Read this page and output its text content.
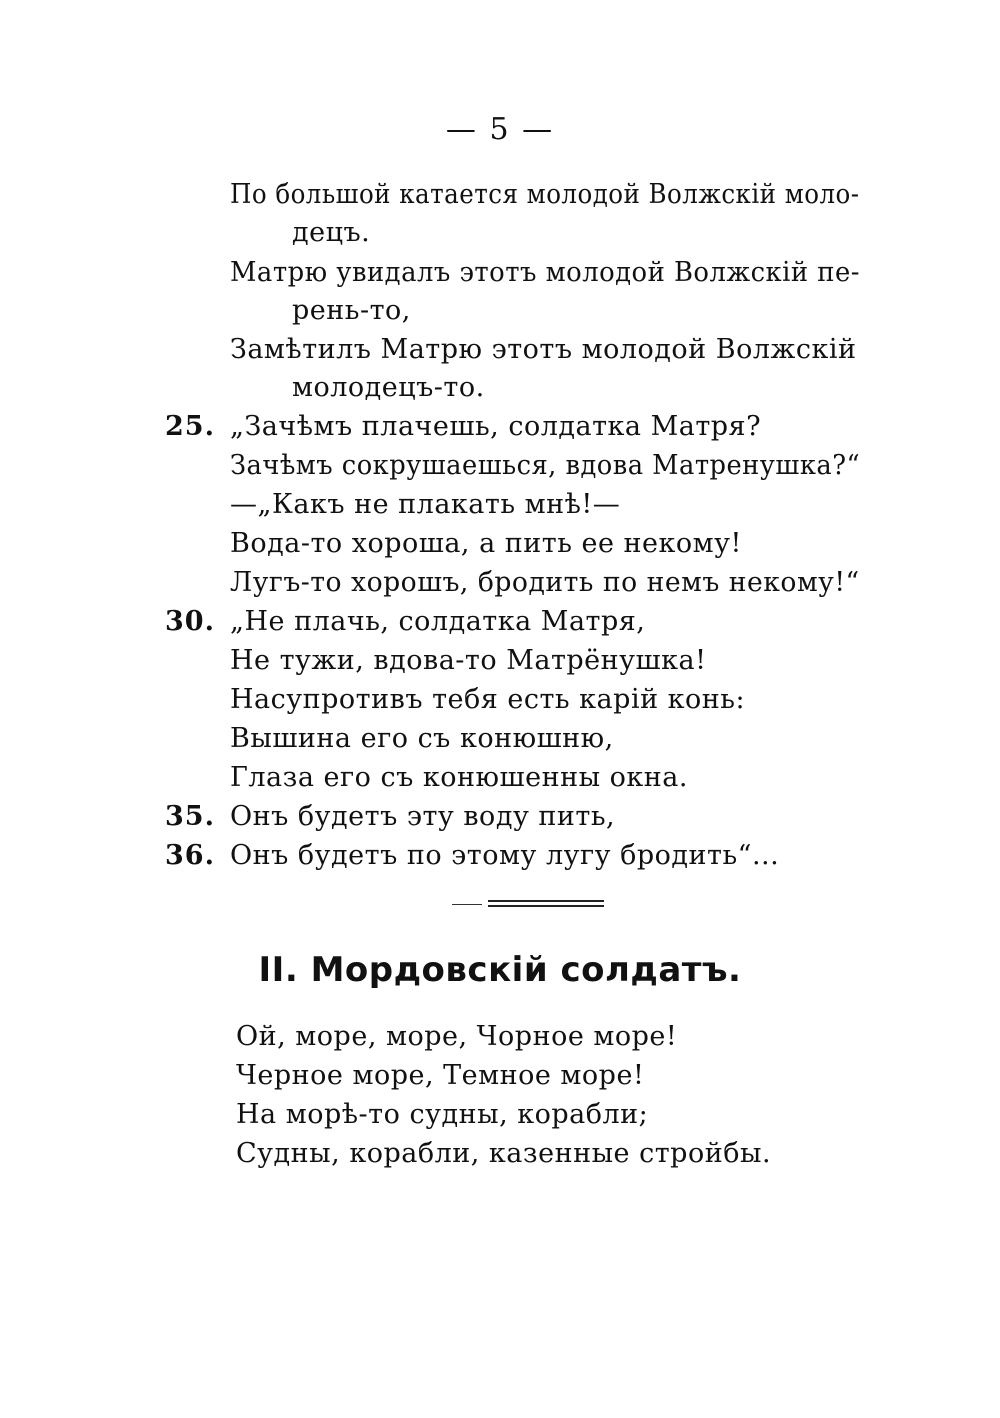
— 5 —
По большой катается молодой Волжскій моло-
децъ.
Матрю увидалъ этотъ молодой Волжскій пе-
рень-то,
Замѣтилъ Матрю этотъ молодой Волжскій
молодецъ-то.
25. „Зачѣмъ плачешь, солдатка Матря?
Зачѣмъ сокрушаешься, вдова Матренушка?“
—„Какъ не плакать мнѣ!—
Вода-то хороша, а пить ее некому!
Лугъ-то хорошъ, бродить по немъ некому!“
30. „Не плачь, солдатка Матря,
Не тужи, вдова-то Матрёнушка!
Насупротивъ тебя есть карій конь:
Вышина его съ конюшню,
Глаза его съ конюшенны окна.
35. Онъ будетъ эту воду пить,
36. Онъ будетъ по этому лугу бродить“...
II. Мордовскій солдатъ.
Ой, море, море, Чорное море!
Черное море, Темное море!
На морѣ-то судны, корабли;
Судны, корабли, казенные стройбы.
